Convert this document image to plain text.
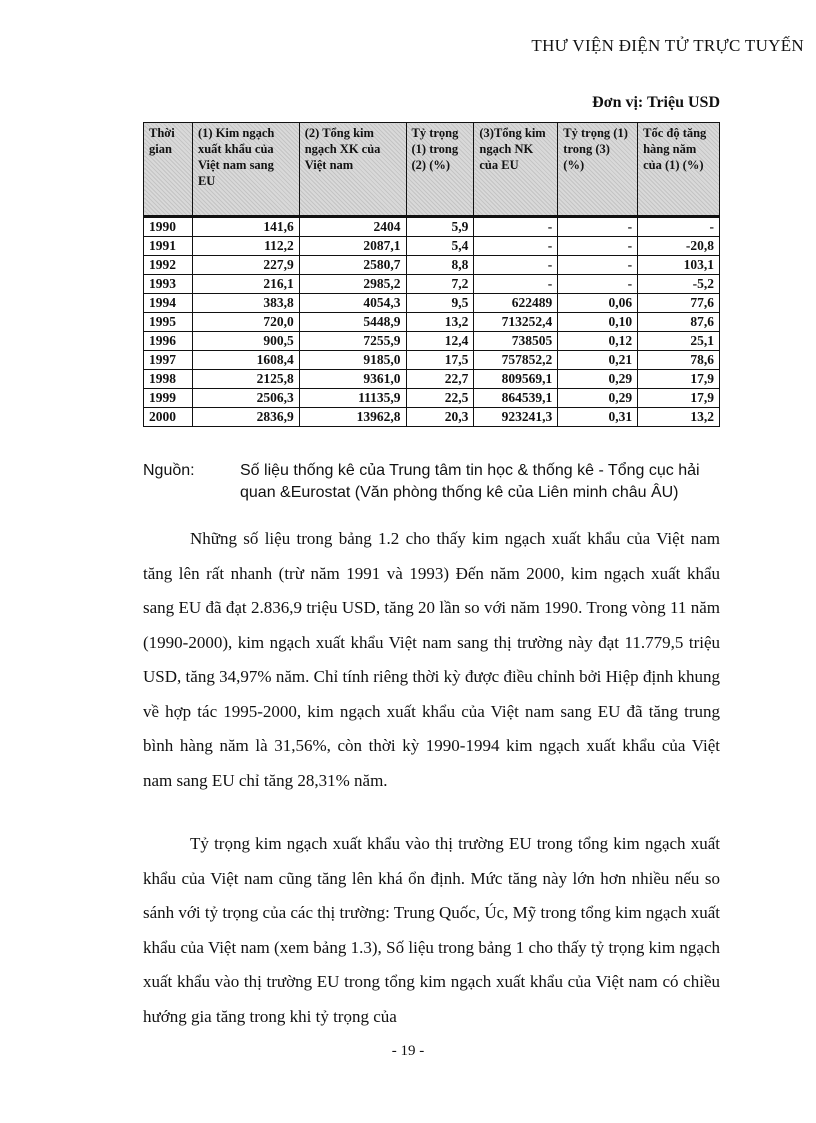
THƯ VIỆN ĐIỆN TỬ TRỰC TUYẾN
Đơn vị: Triệu USD
Thời gian	(1) Kim ngạch xuất khẩu của Việt nam sang EU	(2) Tổng kim ngạch XK của Việt nam	Tỷ trọng (1) trong (2) (%)	(3)Tổng kim ngạch NK của EU	Tỷ trọng (1) trong (3) (%)	Tốc độ tăng hàng năm của (1) (%)
1990	141,6	2404	5,9	-	-	-
1991	112,2	2087,1	5,4	-	-	-20,8
1992	227,9	2580,7	8,8	-	-	103,1
1993	216,1	2985,2	7,2	-	-	-5,2
1994	383,8	4054,3	9,5	622489	0,06	77,6
1995	720,0	5448,9	13,2	713252,4	0,10	87,6
1996	900,5	7255,9	12,4	738505	0,12	25,1
1997	1608,4	9185,0	17,5	757852,2	0,21	78,6
1998	2125,8	9361,0	22,7	809569,1	0,29	17,9
1999	2506,3	11135,9	22,5	864539,1	0,29	17,9
2000	2836,9	13962,8	20,3	923241,3	0,31	13,2
Nguồn:	Số liệu thống kê của Trung tâm tin học & thống kê - Tổng cục hải quan &Eurostat (Văn phòng thống kê của Liên minh châu ÂU)

Những số liệu trong bảng 1.2 cho thấy kim ngạch xuất khẩu của Việt nam tăng lên rất nhanh (trừ năm 1991 và 1993) Đến năm 2000, kim ngạch xuất khẩu sang EU đã đạt 2.836,9 triệu USD, tăng 20 lần so với năm 1990. Trong vòng 11 năm (1990-2000), kim ngạch xuất khẩu Việt nam sang thị trường này đạt 11.779,5 triệu USD, tăng 34,97% năm. Chỉ tính riêng thời kỳ được điều chỉnh bởi Hiệp định khung về hợp tác 1995-2000, kim ngạch xuất khẩu của Việt nam sang EU đã tăng trung bình hàng năm là 31,56%, còn thời kỳ 1990-1994 kim ngạch xuất khẩu của Việt nam sang EU chỉ tăng 28,31% năm.

Tỷ trọng kim ngạch xuất khẩu vào thị trường EU trong tổng kim ngạch xuất khẩu của Việt nam cũng tăng lên khá ổn định. Mức tăng này lớn hơn nhiều nếu so sánh với tỷ trọng của các thị trường: Trung Quốc, Úc, Mỹ trong tổng kim ngạch xuất khẩu của Việt nam (xem bảng 1.3), Số liệu trong bảng 1 cho thấy tỷ trọng kim ngạch xuất khẩu vào thị trường EU trong tổng kim ngạch xuất khẩu của Việt nam có chiều hướng gia tăng trong khi tỷ trọng của

- 19 -
